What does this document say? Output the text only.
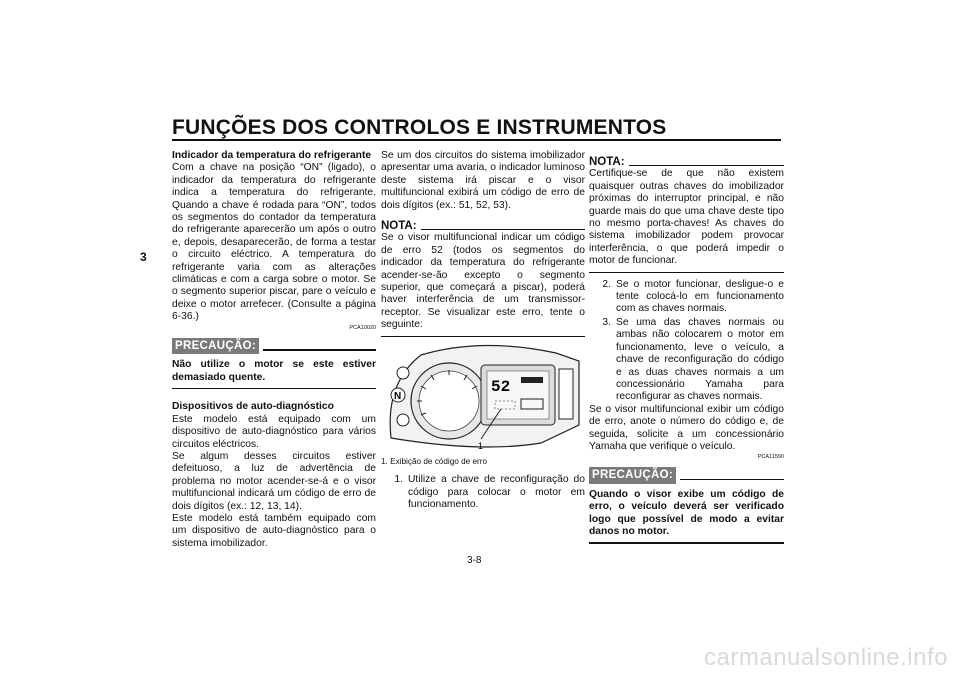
FUNÇÕES DOS CONTROLOS E INSTRUMENTOS
3

Indicador da temperatura do refrigerante

Com a chave na posição “ON” (ligado), o indicador da temperatura do refrigerante indica a temperatura do refrigerante. Quando a chave é rodada para “ON”, todos os segmentos do contador da temperatura do refrigerante aparecerão um após o outro e, depois, desaparecerão, de forma a testar o circuito eléctrico. A temperatura do refrigerante varia com as alterações climáticas e com a carga sobre o motor. Se o segmento superior piscar, pare o veículo e deixe o motor arrefecer. (Consulte a página 6-36.)

PCA10020
PRECAUÇÃO:

Não utilize o motor se este estiver demasiado quente.

Dispositivos de auto-diagnóstico

Este modelo está equipado com um dispositivo de auto-diagnóstico para vários circuitos eléctricos.

Se algum desses circuitos estiver defeituoso, a luz de advertência de problema no motor acender-se-á e o visor multifuncional indicará um código de erro de dois dígitos (ex.: 12, 13, 14).

Este modelo está também equipado com um dispositivo de auto-diagnóstico para o sistema imobilizador.

Se um dos circuitos do sistema imobilizador apresentar uma avaria, o indicador luminoso deste sistema irá piscar e o visor multifuncional exibirá um código de erro de dois dígitos (ex.: 51, 52, 53).

NOTA:

Se o visor multifuncional indicar um código de erro 52 (todos os segmentos do indicador da temperatura do refrigerante acender-se-ão excepto o segmento superior, que começará a piscar), poderá haver interferência de um transmissor-receptor. Se visualizar este erro, tente o seguinte:

N
52
1
1. Exibição de código de erro
1. Utilize a chave de reconfiguração do código para colocar o motor em funcionamento.
NOTA:

Certifique-se de que não existem quaisquer outras chaves do imobilizador próximas do interruptor principal, e não guarde mais do que uma chave deste tipo no mesmo porta-chaves! As chaves do sistema imobilizador podem provocar interferência, o que poderá impedir o motor de funcionar.

2. Se o motor funcionar, desligue-o e tente colocá-lo em funcionamento com as chaves normais.
3. Se uma das chaves normais ou ambas não colocarem o motor em funcionamento, leve o veículo, a chave de reconfiguração do código e as duas chaves normais a um concessionário Yamaha para reconfigurar as chaves normais.

Se o visor multifuncional exibir um código de erro, anote o número do código e, de seguida, solicite a um concessionário Yamaha que verifique o veículo.

PCA11590
PRECAUÇÃO:

Quando o visor exibe um código de erro, o veículo deverá ser verificado logo que possível de modo a evitar danos no motor.

3-8
carmanualsonline.info
